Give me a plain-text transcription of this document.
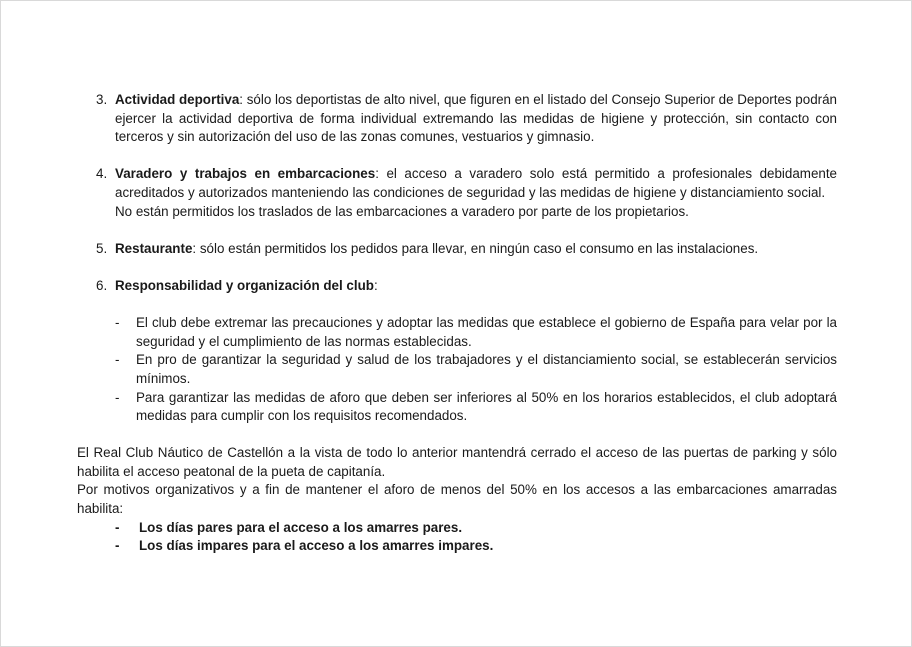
3. Actividad deportiva: sólo los deportistas de alto nivel, que figuren en el listado del Consejo Superior de Deportes podrán ejercer la actividad deportiva de forma individual extremando las medidas de higiene y protección, sin contacto con terceros y sin autorización del uso de las zonas comunes, vestuarios y gimnasio.
4. Varadero y trabajos en embarcaciones: el acceso a varadero solo está permitido a profesionales debidamente acreditados y autorizados manteniendo las condiciones de seguridad y las medidas de higiene y distanciamiento social.
No están permitidos los traslados de las embarcaciones a varadero por parte de los propietarios.
5. Restaurante: sólo están permitidos los pedidos para llevar, en ningún caso el consumo en las instalaciones.
6. Responsabilidad y organización del club:
-	El club debe extremar las precauciones y adoptar las medidas que establece el gobierno de España para velar por la seguridad y el cumplimiento de las normas establecidas.
-	En pro de garantizar la seguridad y salud de los trabajadores y el distanciamiento social, se establecerán servicios mínimos.
-	Para garantizar las medidas de aforo que deben ser inferiores al 50% en los horarios establecidos, el club adoptará medidas para cumplir con los requisitos recomendados.
El Real Club Náutico de Castellón a la vista de todo lo anterior mantendrá cerrado el acceso de las puertas de parking y sólo habilita el acceso peatonal de la pueta de capitanía.
Por motivos organizativos y a fin de mantener el aforo de menos del 50% en los accesos a las embarcaciones amarradas habilita:
-	Los días pares para el acceso a los amarres pares.
-	Los días impares para el acceso a los amarres impares.
